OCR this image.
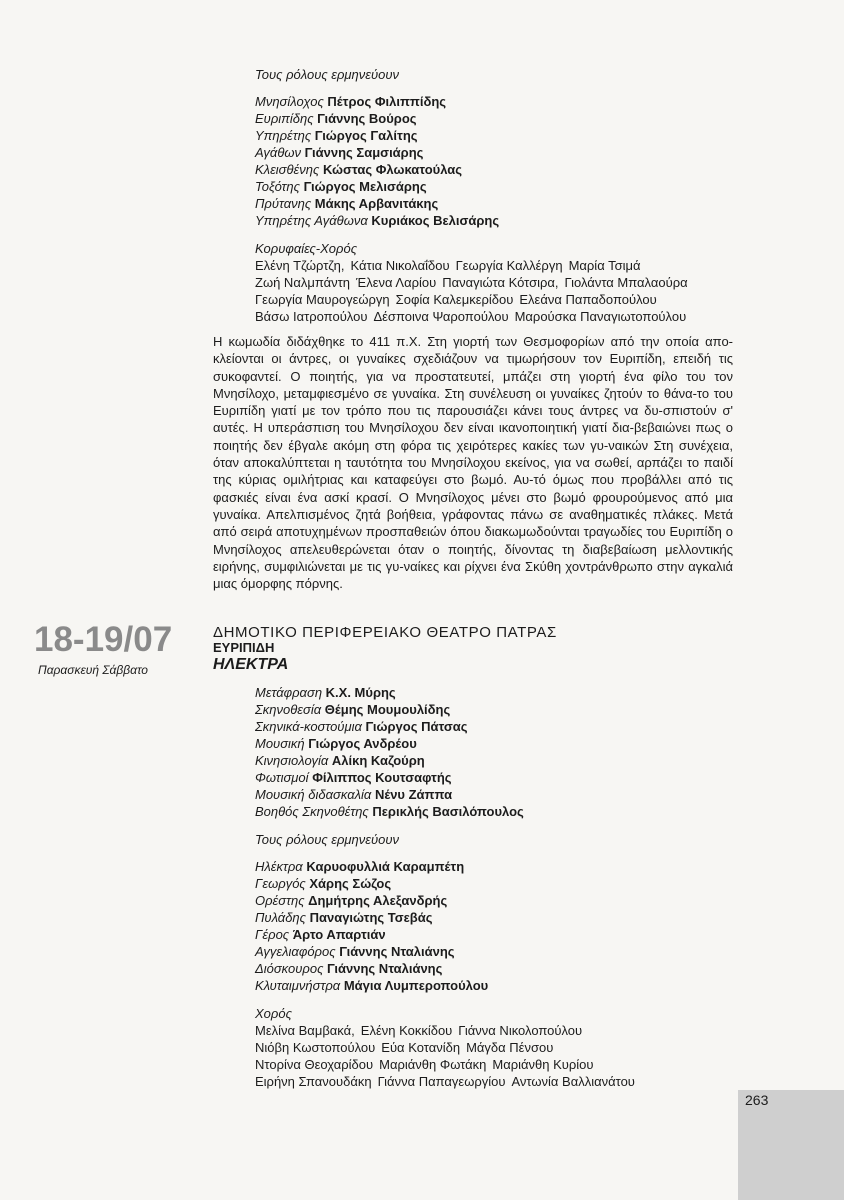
Τους ρόλους ερμηνεύουν
Μνησίλοχος Πέτρος Φιλιππίδης
Ευριπίδης Γιάννης Βούρος
Υπηρέτης Γιώργος Γαλίτης
Αγάθων Γιάννης Σαμσιάρης
Κλεισθένης Κώστας Φλωκατούλας
Τοξότης Γιώργος Μελισάρης
Πρύτανης Μάκης Αρβανιτάκης
Υπηρέτης Αγάθωνα Κυριάκος Βελισάρης
Κορυφαίες-Χορός
Ελένη Τζώρτζη, Κάτια Νικολαΐδου Γεωργία Καλλέργη Μαρία Τσιμά
Ζωή Ναλμπάντη Έλενα Λαρίου Παναγιώτα Κότσιρα, Γιολάντα Μπαλαούρα
Γεωργία Μαυρογεώργη Σοφία Καλεμκερίδου Ελεάνα Παπαδοπούλου
Βάσω Ιατροπούλου Δέσποινα Ψαροπούλου Μαρούσκα Παναγιωτοπούλου
Η κωμωδία διδάχθηκε το 411 π.Χ. Στη γιορτή των Θεσμοφορίων από την οποία απο-κλείονται οι άντρες, οι γυναίκες σχεδιάζουν να τιμωρήσουν τον Ευριπίδη, επειδή τις συκοφαντεί. Ο ποιητής, για να προστατευτεί, μπάζει στη γιορτή ένα φίλο του τον Μνησίλοχο, μεταμφιεσμένο σε γυναίκα. Στη συνέλευση οι γυναίκες ζητούν το θάνα-το του Ευριπίδη γιατί με τον τρόπο που τις παρουσιάζει κάνει τους άντρες να δυ-σπιστούν σ' αυτές. Η υπεράσπιση του Μνησίλοχου δεν είναι ικανοποιητική γιατί δια-βεβαιώνει πως ο ποιητής δεν έβγαλε ακόμη στη φόρα τις χειρότερες κακίες των γυ-ναικών Στη συνέχεια, όταν αποκαλύπτεται η ταυτότητα του Μνησίλοχου εκείνος, για να σωθεί, αρπάζει το παιδί της κύριας ομιλήτριας και καταφεύγει στο βωμό. Αυ-τό όμως που προβάλλει από τις φασκιές είναι ένα ασκί κρασί. Ο Μνησίλοχος μένει στο βωμό φρουρούμενος από μια γυναίκα. Απελπισμένος ζητά βοήθεια, γράφοντας πάνω σε αναθηματικές πλάκες. Μετά από σειρά αποτυχημένων προσπαθειών όπου διακωμωδούνται τραγωδίες του Ευριπίδη ο Μνησίλοχος απελευθερώνεται όταν ο ποιητής, δίνοντας τη διαβεβαίωση μελλοντικής ειρήνης, συμφιλιώνεται με τις γυ-ναίκες και ρίχνει ένα Σκύθη χοντράνθρωπο στην αγκαλιά μιας όμορφης πόρνης.
18-19/07
Παρασκευή Σάββατο
ΔΗΜΟΤΙΚΟ ΠΕΡΙΦΕΡΕΙΑΚΟ ΘΕΑΤΡΟ ΠΑΤΡΑΣ
ΕΥΡΙΠΙΔΗ
ΗΛΕΚΤΡΑ
Μετάφραση Κ.Χ. Μύρης
Σκηνοθεσία Θέμης Μουμουλίδης
Σκηνικά-κοστούμια Γιώργος Πάτσας
Μουσική Γιώργος Ανδρέου
Κινησιολογία Αλίκη Καζούρη
Φωτισμοί Φίλιππος Κουτσαφτής
Μουσική διδασκαλία Νένυ Ζάππα
Βοηθός Σκηνοθέτης Περικλής Βασιλόπουλος
Τους ρόλους ερμηνεύουν
Ηλέκτρα Καρυοφυλλιά Καραμπέτη
Γεωργός Χάρης Σώζος
Ορέστης Δημήτρης Αλεξανδρής
Πυλάδης Παναγιώτης Τσεβάς
Γέρος Άρτο Απαρτιάν
Αγγελιαφόρος Γιάννης Νταλιάνης
Διόσκουρος Γιάννης Νταλιάνης
Κλυταιμνήστρα Μάγια Λυμπεροπούλου
Χορός
Μελίνα Βαμβακά, Ελένη Κοκκίδου Γιάννα Νικολοπούλου
Νιόβη Κωστοπούλου Εύα Κοτανίδη Μάγδα Πένσου
Ντορίνα Θεοχαρίδου Μαριάνθη Φωτάκη Μαριάνθη Κυρίου
Ειρήνη Σπανουδάκη Γιάννα Παπαγεωργίου Αντωνία Βαλλιανάτου
263
